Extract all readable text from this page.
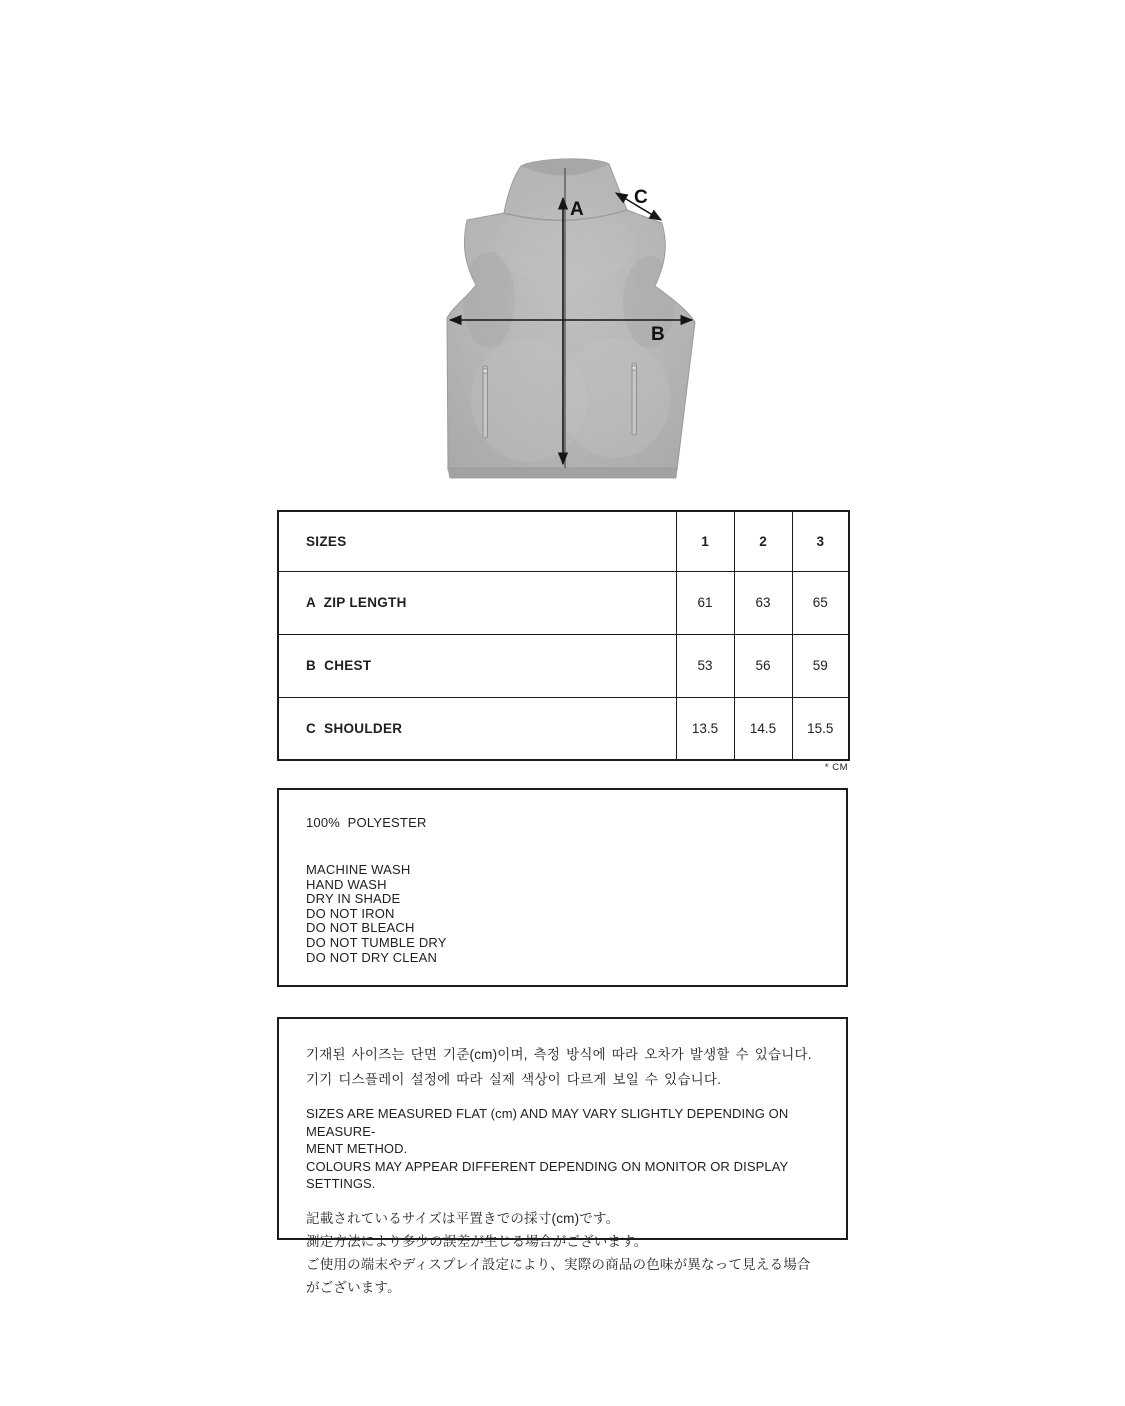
A
B
C
SIZES	1	2	3
A  ZIP LENGTH	61	63	65
B  CHEST	53	56	59
C  SHOULDER	13.5	14.5	15.5
* CM
100%  POLYESTER
MACHINE WASH
HAND WASH
DRY IN SHADE
DO NOT IRON
DO NOT BLEACH
DO NOT TUMBLE DRY
DO NOT DRY CLEAN
기재된 사이즈는 단면 기준(cm)이며, 측정 방식에 따라 오차가 발생할 수 있습니다.
기기 디스플레이 설정에 따라 실제 색상이 다르게 보일 수 있습니다.
SIZES ARE MEASURED FLAT (cm) AND MAY VARY SLIGHTLY DEPENDING ON MEASURE-
MENT METHOD.
COLOURS MAY APPEAR DIFFERENT DEPENDING ON MONITOR OR DISPLAY SETTINGS.
記載されているサイズは平置きでの採寸(cm)です。
測定方法により多少の誤差が生じる場合がございます。
ご使用の端末やディスプレイ設定により、実際の商品の色味が異なって見える場合がございます。
